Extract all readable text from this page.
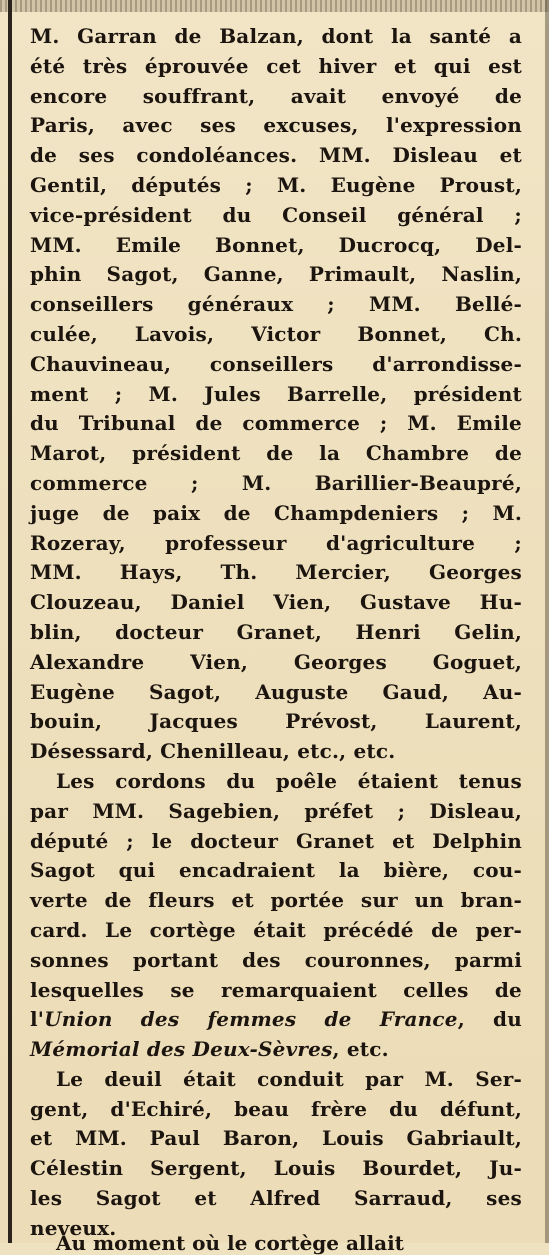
M. Garran de Balzan, dont la santé a
été très éprouvée cet hiver et qui est
encore souffrant, avait envoyé de
Paris, avec ses excuses, l'expression
de ses condoléances. MM. Disleau et
Gentil, députés ; M. Eugène Proust,
vice-président du Conseil général ;
MM. Emile Bonnet, Ducrocq, Del-
phin Sagot, Ganne, Primault, Naslin,
conseillers généraux ; MM. Bellé-
culée, Lavois, Victor Bonnet, Ch.
Chauvineau, conseillers d'arrondisse-
ment ; M. Jules Barrelle, président
du Tribunal de commerce ; M. Emile
Marot, président de la Chambre de
commerce ; M. Barillier-Beaupré,
juge de paix de Champdeniers ; M.
Rozeray, professeur d'agriculture ;
MM. Hays, Th. Mercier, Georges
Clouzeau, Daniel Vien, Gustave Hu-
blin, docteur Granet, Henri Gelin,
Alexandre Vien, Georges Goguet,
Eugène Sagot, Auguste Gaud, Au-
bouin, Jacques Prévost, Laurent,
Désessard, Chenilleau, etc., etc.
Les cordons du poêle étaient tenus
par MM. Sagebien, préfet ; Disleau,
député ; le docteur Granet et Delphin
Sagot qui encadraient la bière, cou-
verte de fleurs et portée sur un bran-
card. Le cortège était précédé de per-
sonnes portant des couronnes, parmi
lesquelles se remarquaient celles de
l'Union des femmes de France, du
Mémorial des Deux-Sèvres, etc.
Le deuil était conduit par M. Ser-
gent, d'Echiré, beau frère du défunt,
et MM. Paul Baron, Louis Gabriault,
Célestin Sergent, Louis Bourdet, Ju-
les Sagot et Alfred Sarraud, ses
neveux.
Au moment où le cortège allait
